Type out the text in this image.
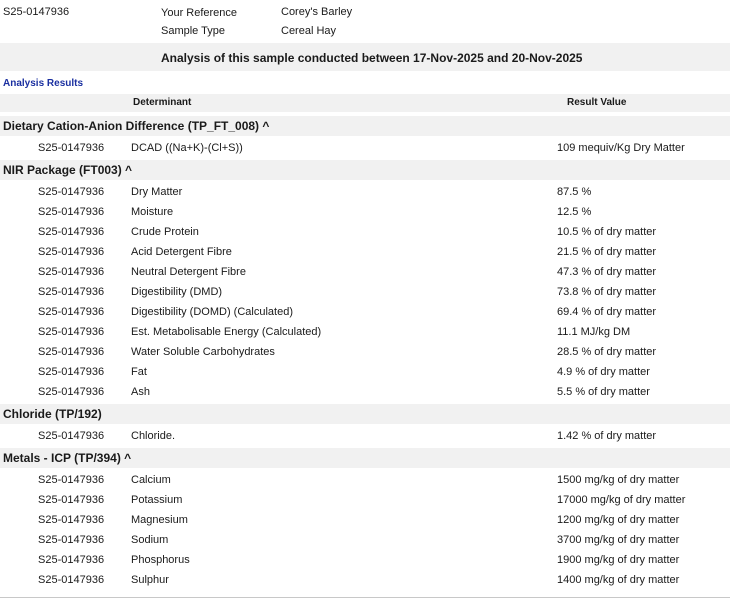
S25-0147936	Your Reference	Corey's Barley
Sample Type	Cereal Hay
Analysis of this sample conducted between 17-Nov-2025 and 20-Nov-2025
Analysis Results
Determinant	Result Value
Dietary Cation-Anion Difference (TP_FT_008) ^
S25-0147936 DCAD ((Na+K)-(Cl+S))	109 mequiv/Kg Dry Matter
NIR Package (FT003) ^
S25-0147936 Dry Matter	87.5 %
S25-0147936 Moisture	12.5 %
S25-0147936 Crude Protein	10.5 % of dry matter
S25-0147936 Acid Detergent Fibre	21.5 % of dry matter
S25-0147936 Neutral Detergent Fibre	47.3 % of dry matter
S25-0147936 Digestibility (DMD)	73.8 % of dry matter
S25-0147936 Digestibility (DOMD) (Calculated)	69.4 % of dry matter
S25-0147936 Est. Metabolisable Energy (Calculated)	11.1 MJ/kg DM
S25-0147936 Water Soluble Carbohydrates	28.5 % of dry matter
S25-0147936 Fat	4.9 % of dry matter
S25-0147936 Ash	5.5 % of dry matter
Chloride (TP/192)
S25-0147936 Chloride.	1.42 % of dry matter
Metals - ICP (TP/394) ^
S25-0147936 Calcium	1500 mg/kg of dry matter
S25-0147936 Potassium	17000 mg/kg of dry matter
S25-0147936 Magnesium	1200 mg/kg of dry matter
S25-0147936 Sodium	3700 mg/kg of dry matter
S25-0147936 Phosphorus	1900 mg/kg of dry matter
S25-0147936 Sulphur	1400 mg/kg of dry matter
